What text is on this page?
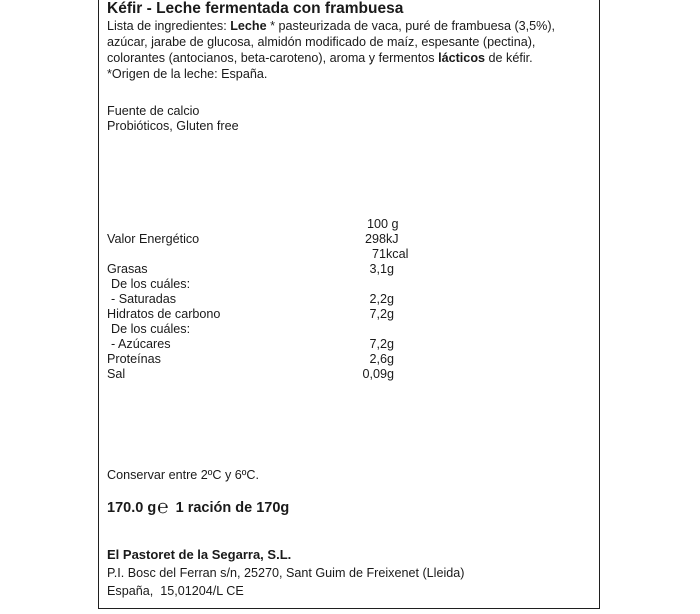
Kéfir - Leche fermentada con frambuesa
Lista de ingredientes: Leche * pasteurizada de vaca, puré de frambuesa (3,5%),
azúcar, jarabe de glucosa, almidón modificado de maíz, espesante (pectina),
colorantes (antocianos, beta-caroteno), aroma y fermentos lácticos de kéfir.
*Origen de la leche: España.
Fuente de calcio
Probióticos, Gluten free
100 g
Valor Energético	298kJ
71kcal
Grasas	3,1g
De los cuáles:
- Saturadas	2,2g
Hidratos de carbono	7,2g
De los cuáles:
- Azúcares	7,2g
Proteínas	2,6g
Sal	0,09g
Conservar entre 2ºC y 6ºC.
170.0 g℮ 1 ración de 170g
El Pastoret de la Segarra, S.L.
P.I. Bosc del Ferran s/n, 25270, Sant Guim de Freixenet (Lleida)
España,  15,01204/L CE
